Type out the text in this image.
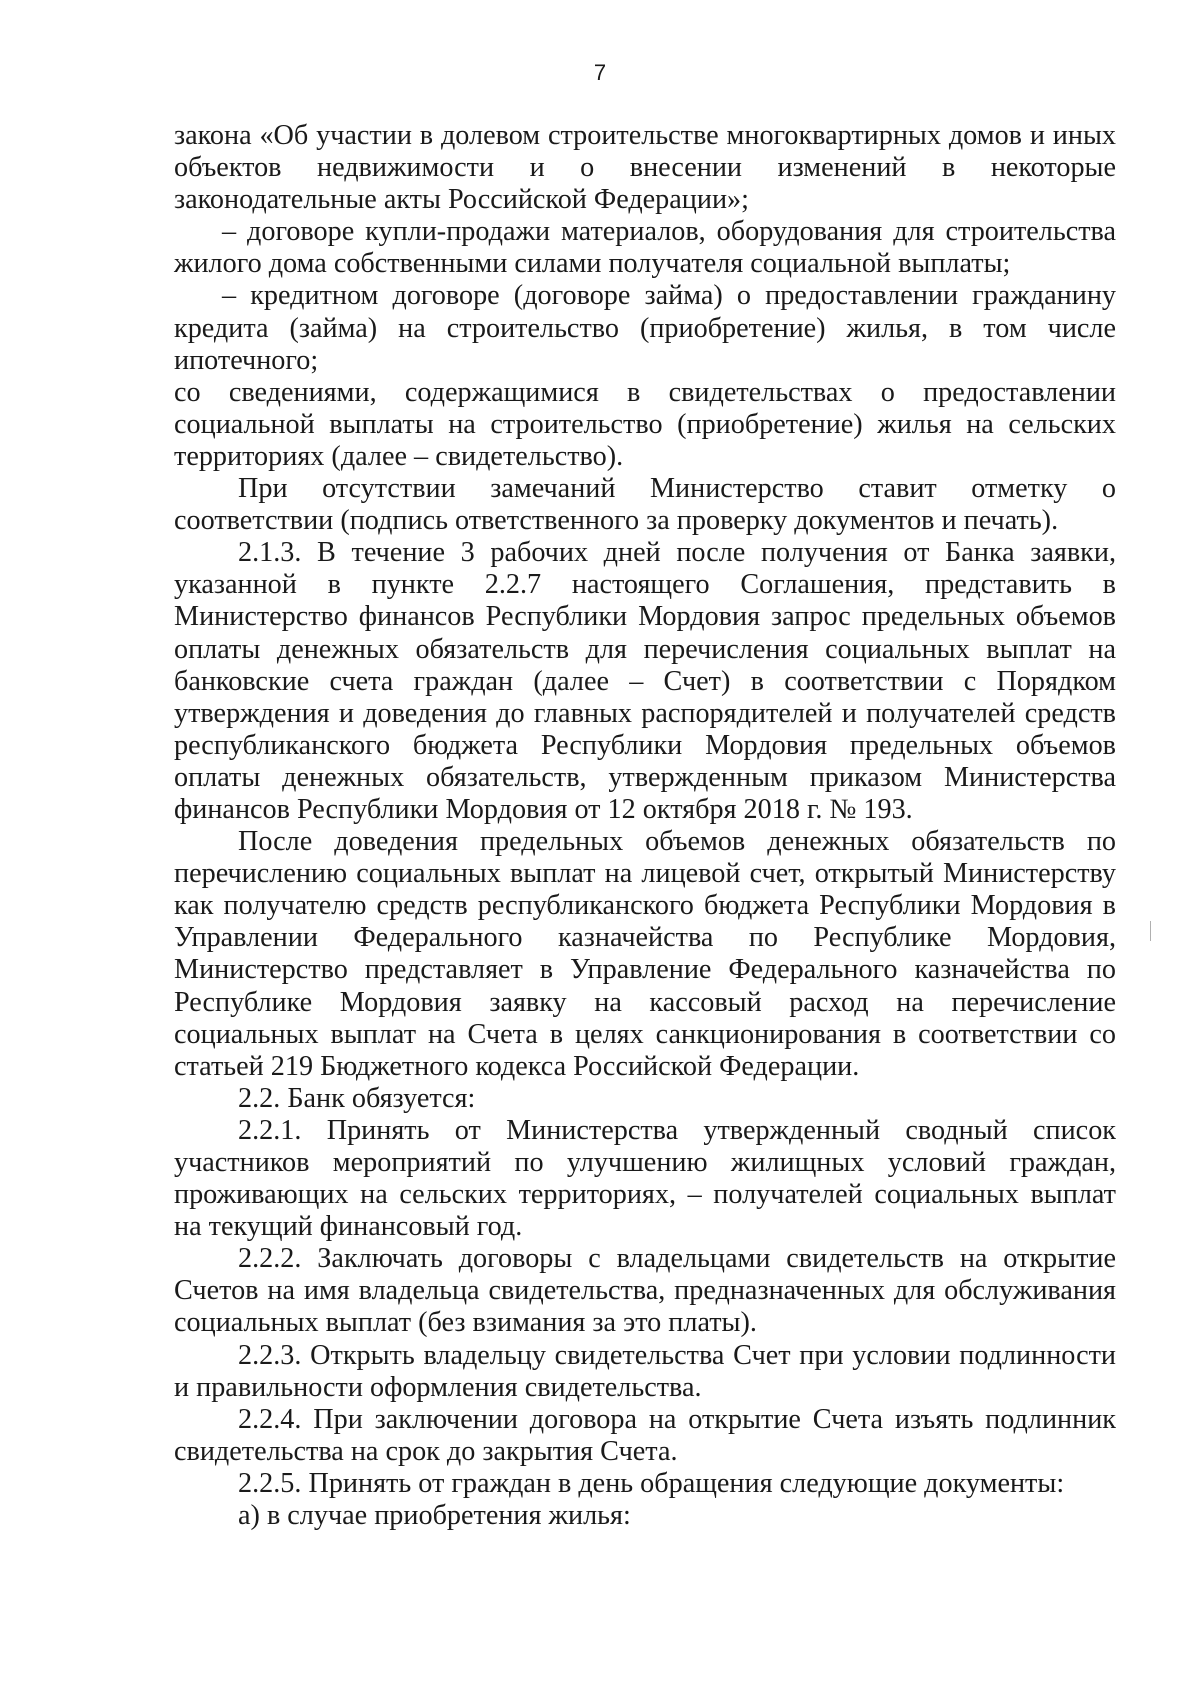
7

закона «Об участии в долевом строительстве многоквартирных домов и иных объектов недвижимости и о внесении изменений в некоторые законодательные акты Российской Федерации»;

– договоре купли-продажи материалов, оборудования для строительства жилого дома собственными силами получателя социальной выплаты;

– кредитном договоре (договоре займа) о предоставлении гражданину кредита (займа) на строительство (приобретение) жилья, в том числе ипотечного;

со сведениями, содержащимися в свидетельствах о предоставлении социальной выплаты на строительство (приобретение) жилья на сельских территориях (далее – свидетельство).

При отсутствии замечаний Министерство ставит отметку о соответствии (подпись ответственного за проверку документов и печать).

2.1.3. В течение 3 рабочих дней после получения от Банка заявки, указанной в пункте 2.2.7 настоящего Соглашения, представить в Министерство финансов Республики Мордовия запрос предельных объемов оплаты денежных обязательств для перечисления социальных выплат на банковские счета граждан (далее – Счет) в соответствии с Порядком утверждения и доведения до главных распорядителей и получателей средств республиканского бюджета Республики Мордовия предельных объемов оплаты денежных обязательств, утвержденным приказом Министерства финансов Республики Мордовия от 12 октября 2018 г. № 193.

После доведения предельных объемов денежных обязательств по перечислению социальных выплат на лицевой счет, открытый Министерству как получателю средств республиканского бюджета Республики Мордовия в Управлении Федерального казначейства по Республике Мордовия, Министерство представляет в Управление Федерального казначейства по Республике Мордовия заявку на кассовый расход на перечисление социальных выплат на Счета в целях санкционирования в соответствии со статьей 219 Бюджетного кодекса Российской Федерации.

2.2. Банк обязуется:

2.2.1. Принять от Министерства утвержденный сводный список участников мероприятий по улучшению жилищных условий граждан, проживающих на сельских территориях, – получателей социальных выплат на текущий финансовый год.

2.2.2. Заключать договоры с владельцами свидетельств на открытие Счетов на имя владельца свидетельства, предназначенных для обслуживания социальных выплат (без взимания за это платы).

2.2.3. Открыть владельцу свидетельства Счет при условии подлинности и правильности оформления свидетельства.

2.2.4. При заключении договора на открытие Счета изъять подлинник свидетельства на срок до закрытия Счета.

2.2.5. Принять от граждан в день обращения следующие документы:

а) в случае приобретения жилья:
